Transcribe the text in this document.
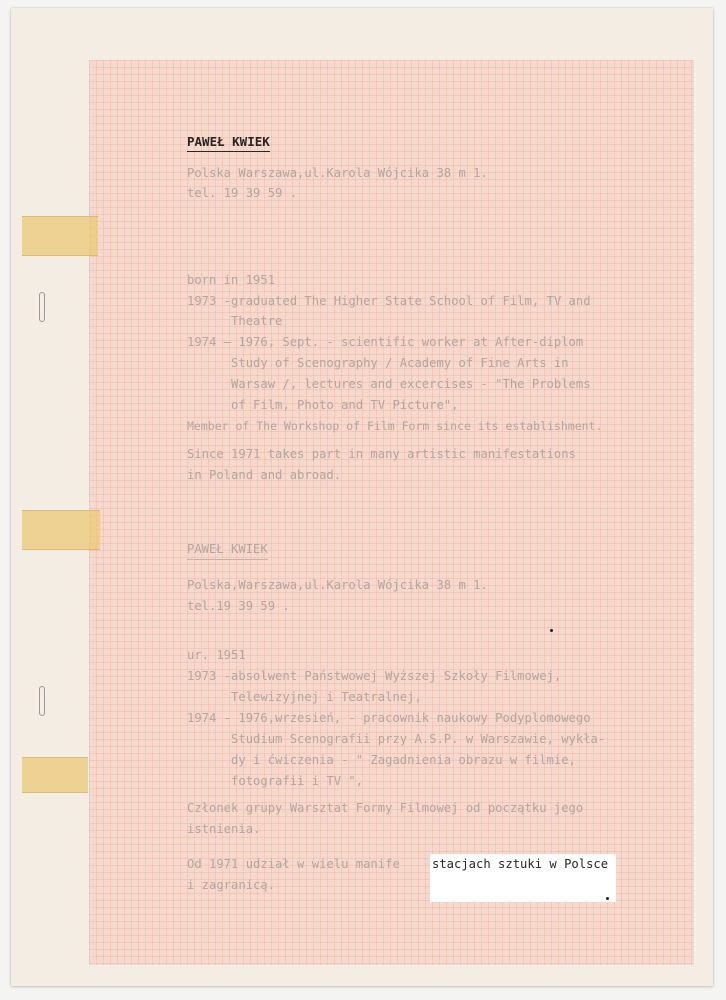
PAWEŁ KWIEK
Polska Warszawa,ul.Karola Wójcika 38 m 1.
tel. 19 39 59 .
born in 1951
1973 -graduated The Higher State School of Film, TV and
Theatre
1974 – 1976, Sept. - scientific worker at After-diplom
Study of Scenography / Academy of Fine Arts in
Warsaw /, lectures and excercises - "The Problems
of Film, Photo and TV Picture",
Member of The Workshop of Film Form since its establishment.
Since 1971 takes part in many artistic manifestations
in Poland and abroad.
PAWEŁ KWIEK
Polska,Warszawa,ul.Karola Wójcika 38 m 1.
tel.19 39 59 .
ur. 1951
1973 -absolwent Państwowej Wyższej Szkoły Filmowej,
Telewizyjnej i Teatralnej,
1974 - 1976,wrzesień, - pracownik naukowy Podyplomowego
Studium Scenografii przy A.S.P. w Warszawie, wykła-
dy i ćwiczenia - " Zagadnienia obrazu w filmie,
fotografii i TV ",
Członek grupy Warsztat Formy Filmowej od początku jego
istnienia.
Od 1971 udział w wielu manife
i zagranicą.
stacjach sztuki w Polsce
